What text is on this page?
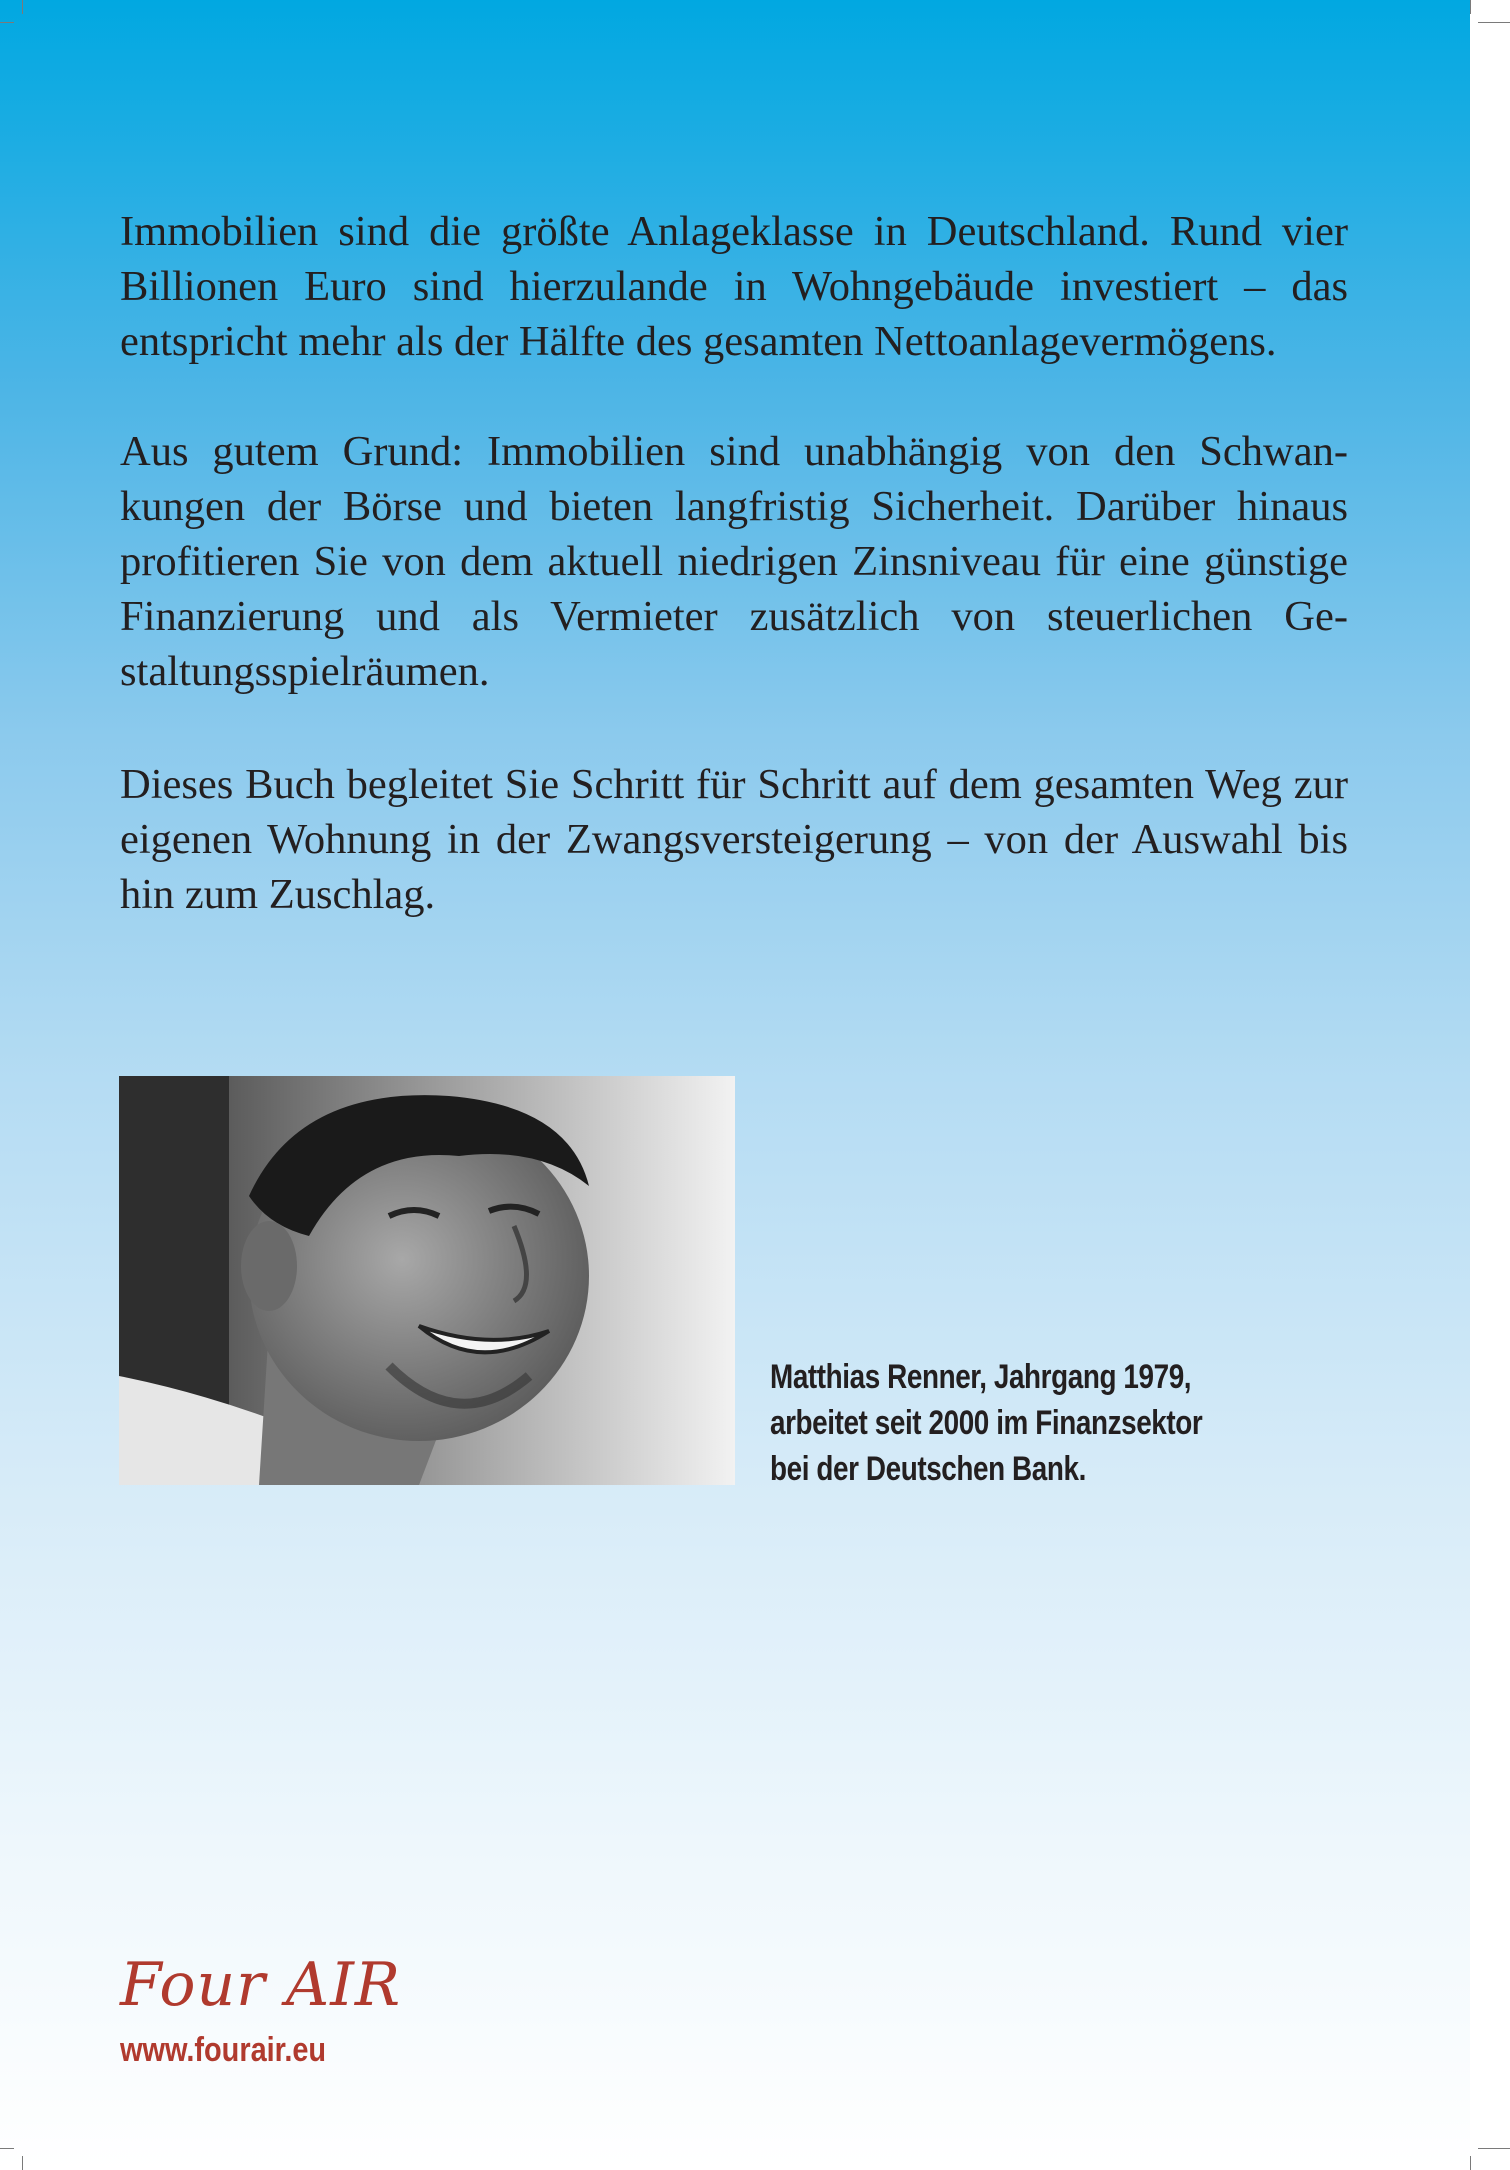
Immobilien sind die größte Anlageklasse in Deutschland. Rund vier Billionen Euro sind hierzulande in Wohngebäude investiert – das entspricht mehr als der Hälfte des gesamten Nettoanlagevermögens.

Aus gutem Grund: Immobilien sind unabhängig von den Schwankungen der Börse und bieten langfristig Sicherheit. Darüber hinaus profitieren Sie von dem aktuell niedrigen Zinsniveau für eine günstige Finanzierung und als Vermieter zusätzlich von steuerlichen Gestaltungsspielräumen.

Dieses Buch begleitet Sie Schritt für Schritt auf dem gesamten Weg zur eigenen Wohnung in der Zwangsversteigerung – von der Auswahl bis hin zum Zuschlag.

Matthias Renner, Jahrgang 1979,
arbeitet seit 2000 im Finanzsektor
bei der Deutschen Bank.
Four AIR
www.fourair.eu
